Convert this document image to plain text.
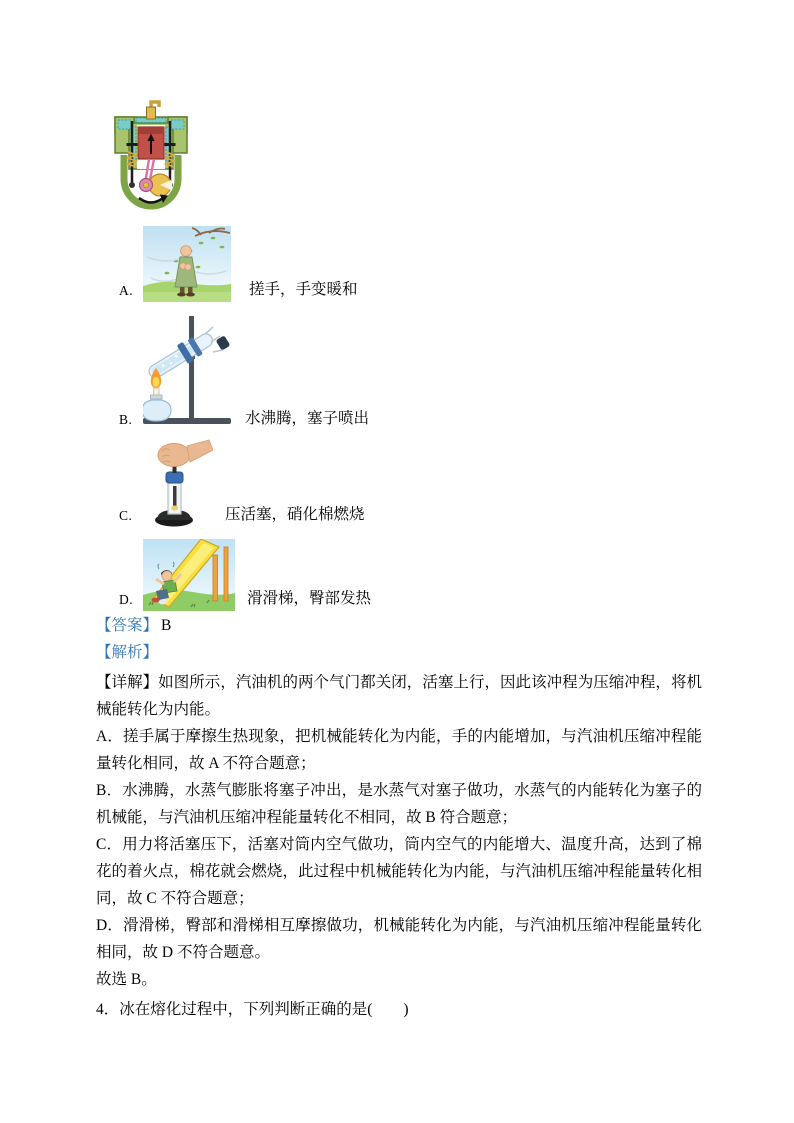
A.	搓手，手变暖和
B.	水沸腾，塞子喷出
C.	压活塞，硝化棉燃烧
D.	滑滑梯，臀部发热

【答案】 B

【解析】

【详解】如图所示，汽油机的两个气门都关闭，活塞上行，因此该冲程为压缩冲程，将机械能转化为内能。

A．搓手属于摩擦生热现象，把机械能转化为内能，手的内能增加，与汽油机压缩冲程能量转化相同，故 A 不符合题意；

B．水沸腾，水蒸气膨胀将塞子冲出，是水蒸气对塞子做功，水蒸气的内能转化为塞子的机械能，与汽油机压缩冲程能量转化不相同，故 B 符合题意；

C．用力将活塞压下，活塞对筒内空气做功，筒内空气的内能增大、温度升高，达到了棉花的着火点，棉花就会燃烧，此过程中机械能转化为内能，与汽油机压缩冲程能量转化相同，故 C 不符合题意；

D．滑滑梯，臀部和滑梯相互摩擦做功，机械能转化为内能，与汽油机压缩冲程能量转化相同，故 D 不符合题意。

故选 B。

4．冰在熔化过程中，下列判断正确的是(　　)
